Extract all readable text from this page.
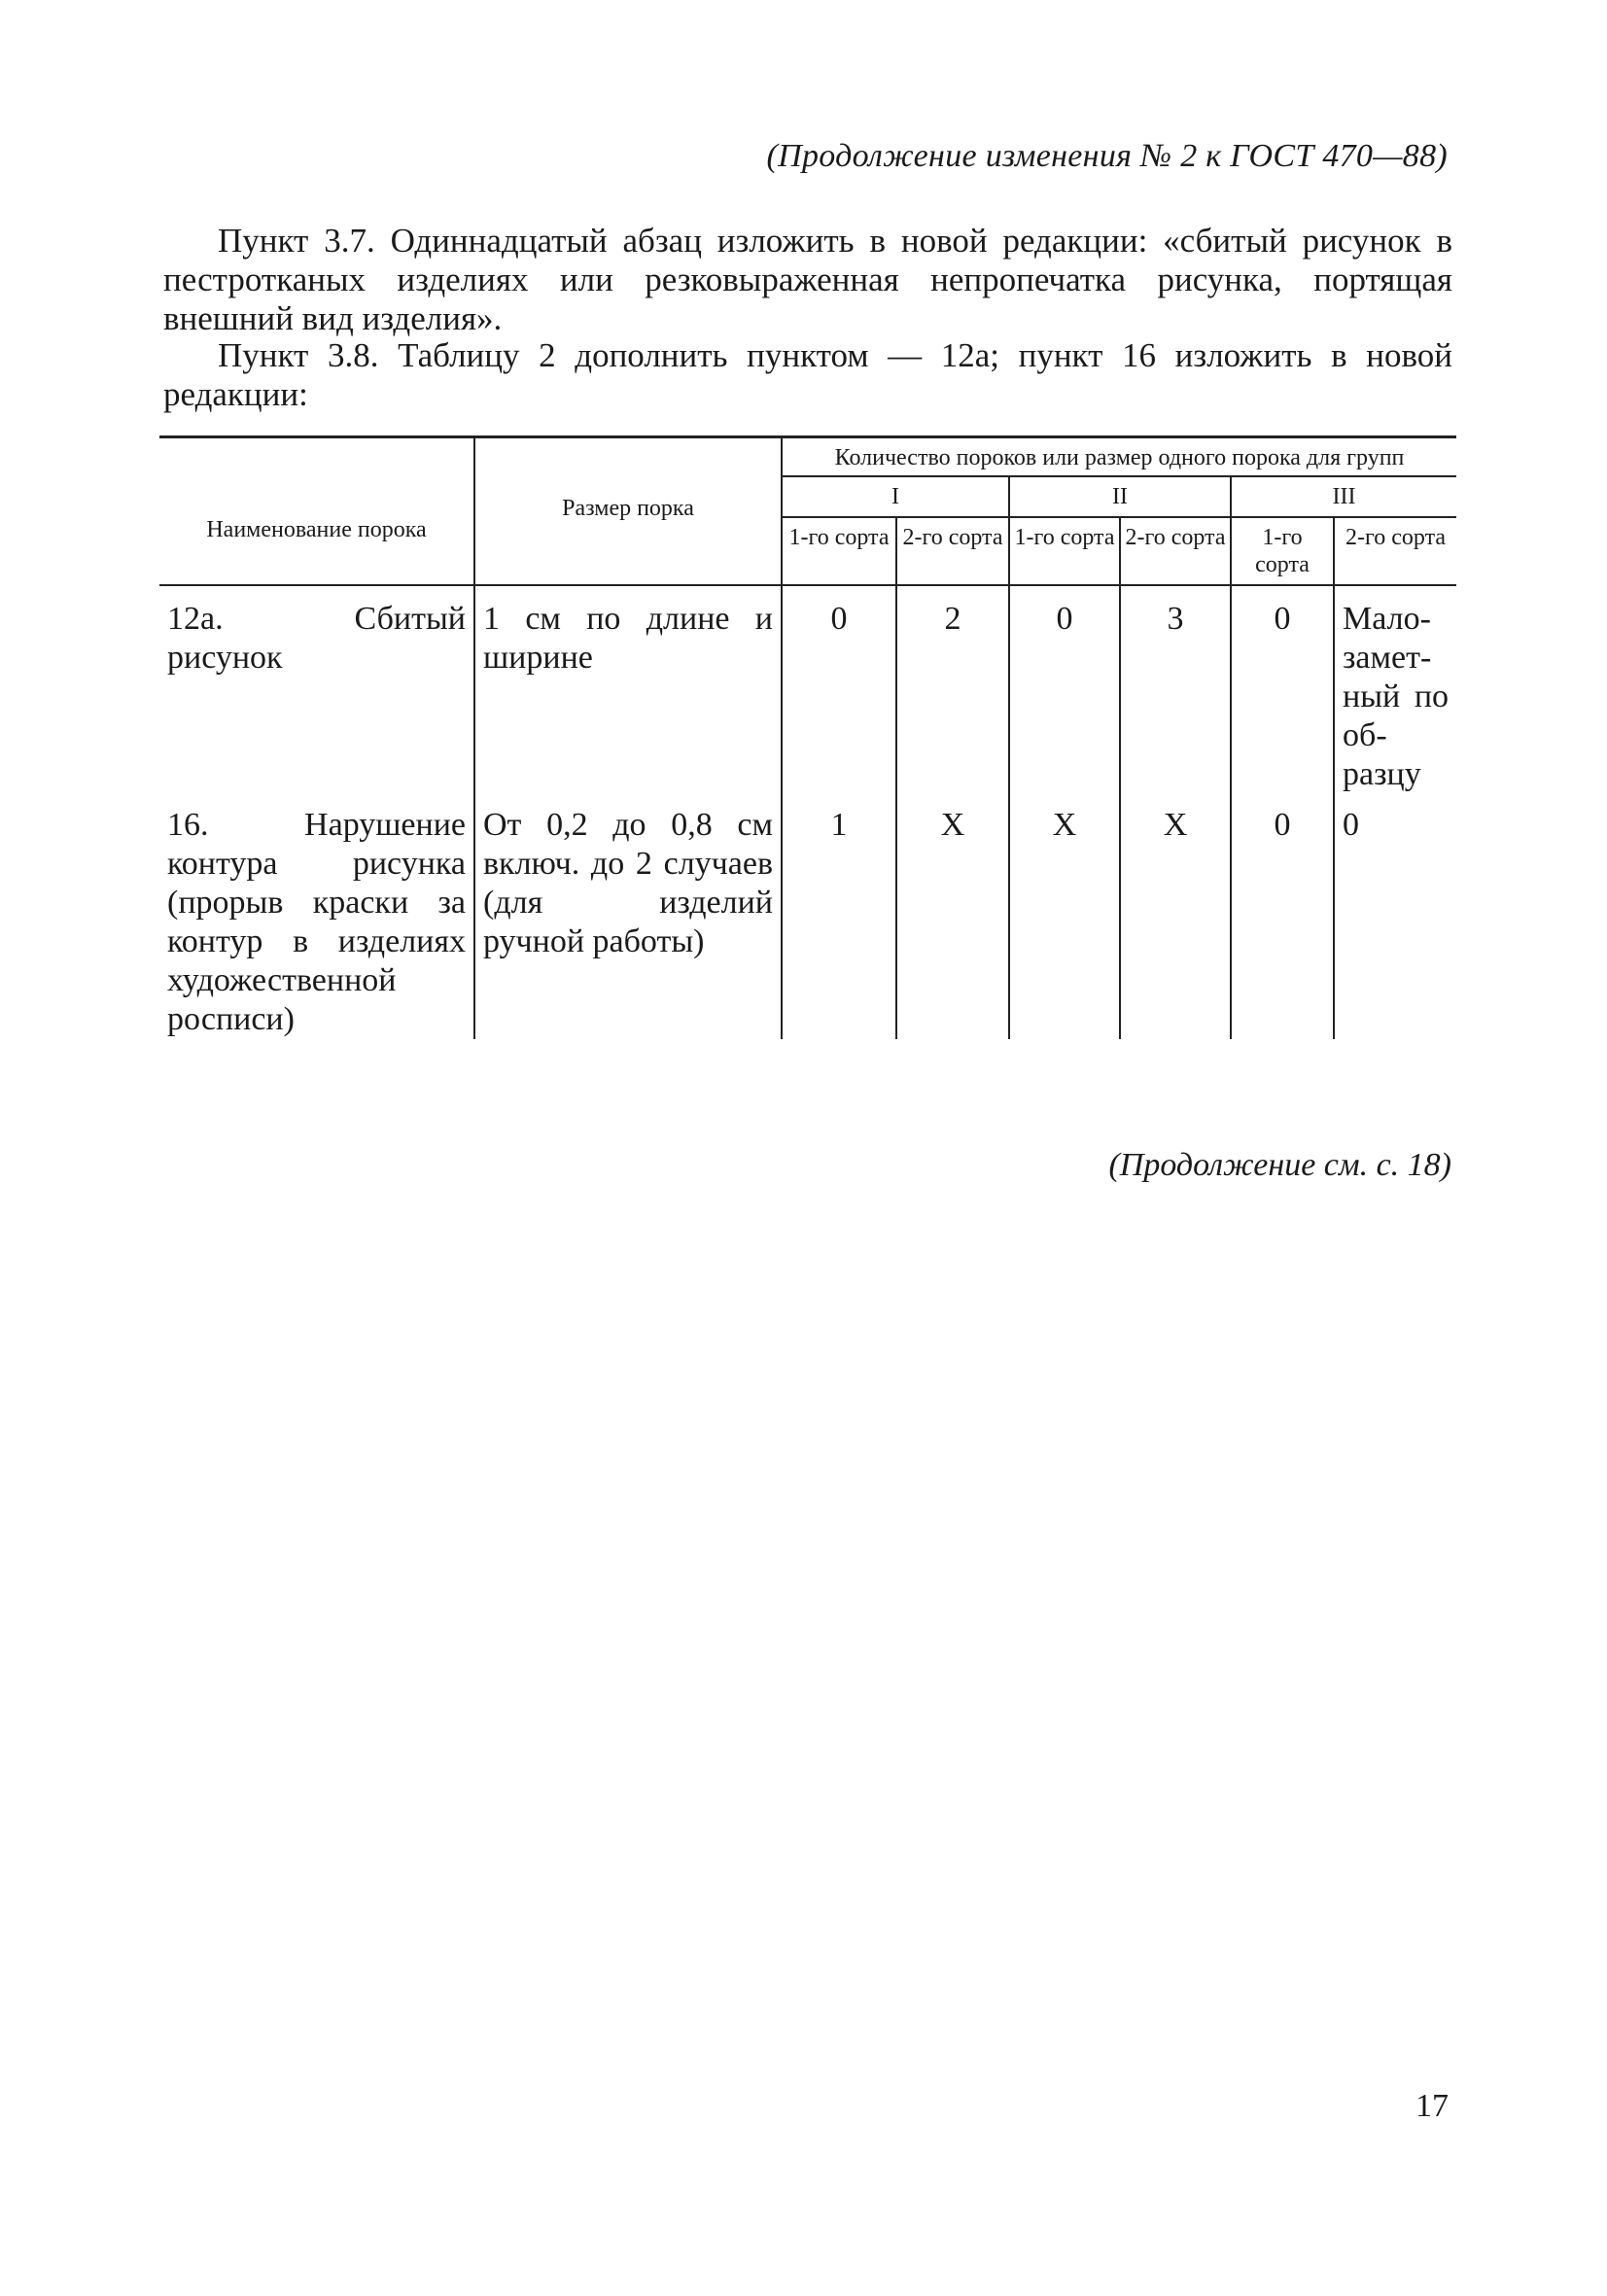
(Продолжение изменения № 2 к ГОСТ 470—88)
Пункт 3.7. Одиннадцатый абзац изложить в новой редакции: «сбитый рисунок в пестротканых изделиях или резковыраженная непропечатка рисунка, портящая внешний вид изделия».
Пункт 3.8. Таблицу 2 дополнить пунктом — 12а; пункт 16 изложить в новой редакции:
Наименование порока	Размер порка	Количество пороков или размер одного порока для групп					
		I		II		III	
		1-го сорта	2-го сорта	1-го сорта	2-го сорта	1-го сорта	2-го сорта
12а. Сбитый рисунок	1 см по длине и ширине	0	2	0	3	0	Малозаметный по образцу
16. Нарушение контура рисунка (прорыв краски за контур в изделиях художественной росписи)	От 0,2 до 0,8 см включ. до 2 случаев (для изделий ручной работы)	1	Х	Х	Х	0	0
(Продолжение см. с. 18)
17
